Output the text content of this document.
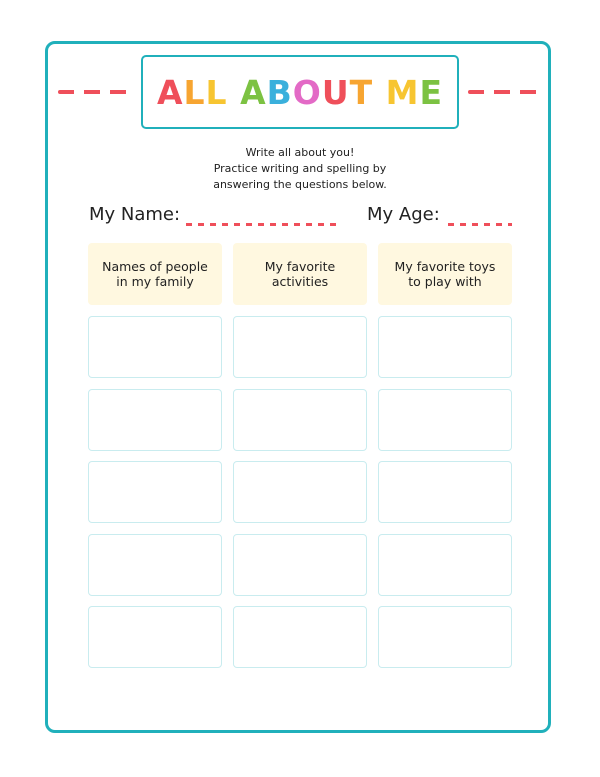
ALL ABOUT ME
Write all about you!
Practice writing and spelling by
answering the questions below.
My Name:	My Age:
Names of people in my family
My favorite activities
My favorite toys to play with
